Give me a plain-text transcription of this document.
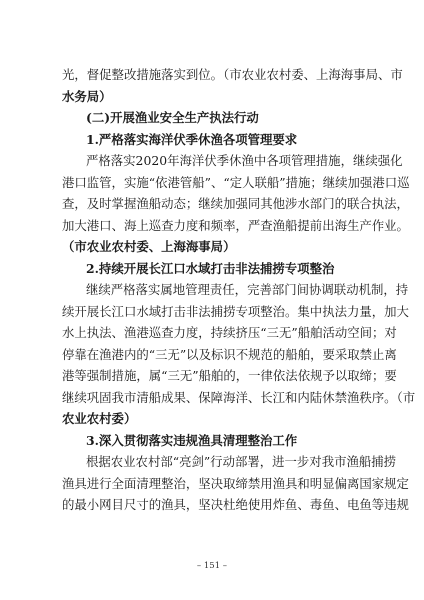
光，督促整改措施落实到位。（市农业农村委、上海海事局、市
水务局）
(二)开展渔业安全生产执法行动
1.严格落实海洋伏季休渔各项管理要求
严格落实2020年海洋伏季休渔中各项管理措施，继续强化
港口监管，实施“依港管船”、“定人联船”措施；继续加强港口巡
查，及时掌握渔船动态；继续加强同其他涉水部门的联合执法，
加大港口、海上巡查力度和频率，严查渔船提前出海生产作业。
（市农业农村委、上海海事局）
2.持续开展长江口水域打击非法捕捞专项整治
继续严格落实属地管理责任，完善部门间协调联动机制，持
续开展长江口水域打击非法捕捞专项整治。集中执法力量，加大
水上执法、渔港巡查力度，持续挤压“三无”船舶活动空间；对
停靠在渔港内的“三无”以及标识不规范的船舶，要采取禁止离
港等强制措施，属“三无”船舶的，一律依法依规予以取缔；要
继续巩固我市清船成果、保障海洋、长江和内陆休禁渔秩序。（市
农业农村委）
3.深入贯彻落实违规渔具清理整治工作
根据农业农村部“亮剑”行动部署，进一步对我市渔船捕捞
渔具进行全面清理整治，坚决取缔禁用渔具和明显偏离国家规定
的最小网目尺寸的渔具，坚决杜绝使用炸鱼、毒鱼、电鱼等违规
– 151 –
